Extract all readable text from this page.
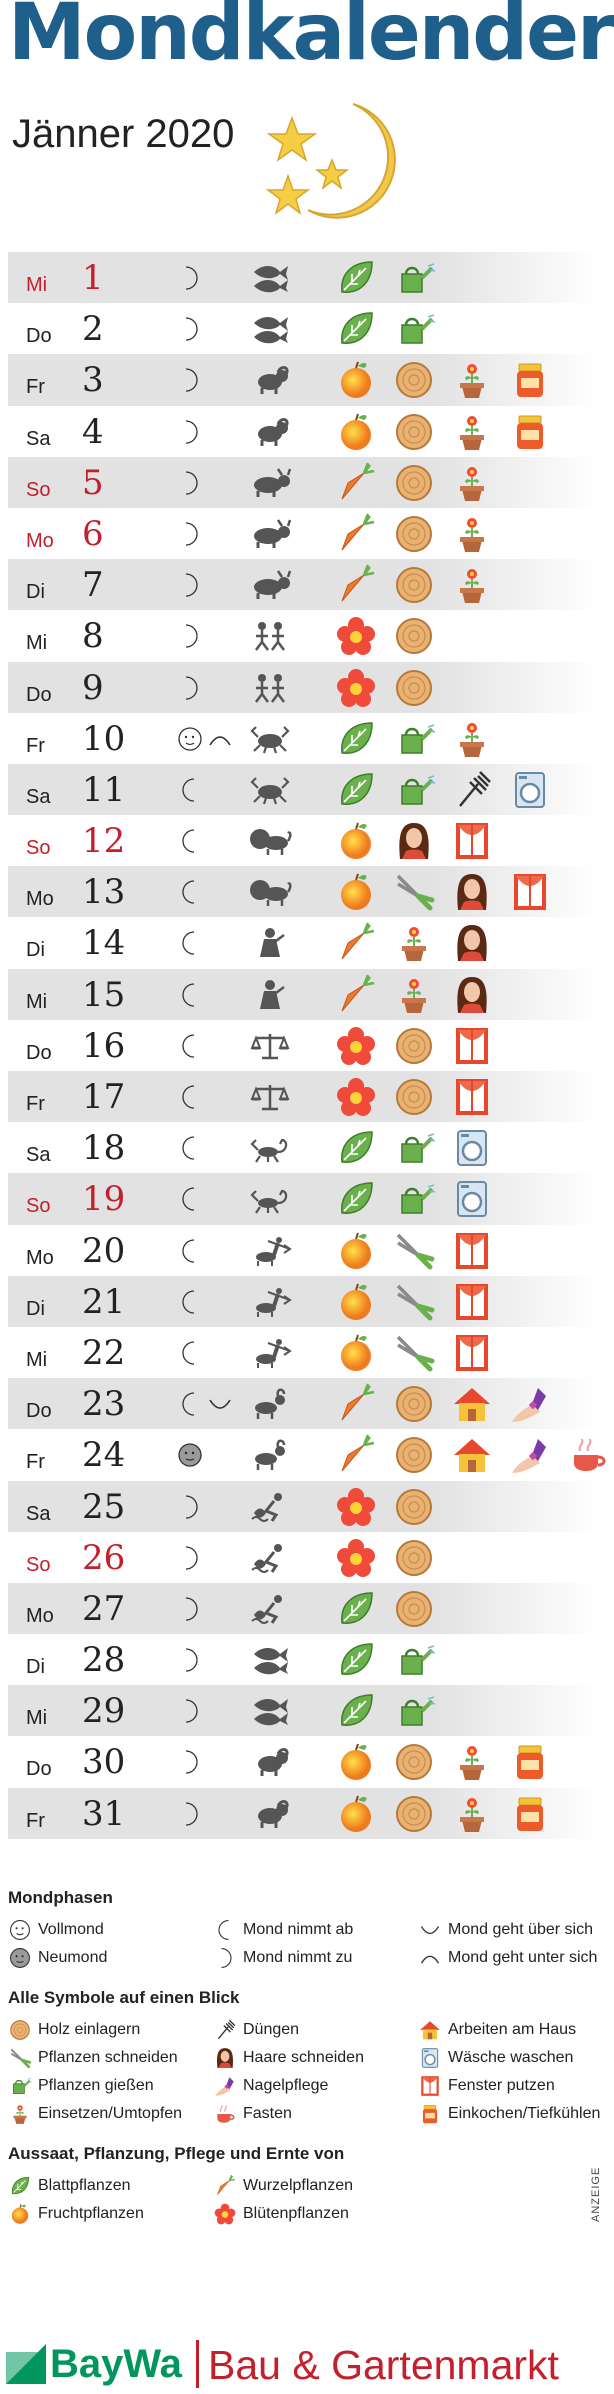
Mondkalender
Jänner 2020
Mi 1
Do 2
Fr 3
Sa 4
So 5
Mo 6
Di 7
Mi 8
Do 9
Fr 10
Sa 11
So 12
Mo 13
Di 14
Mi 15
Do 16
Fr 17
Sa 18
So 19
Mo 20
Di 21
Mi 22
Do 23
Fr 24
Sa 25
So 26
Mo 27
Di 28
Mi 29
Do 30
Fr 31
Mondphasen
Vollmond	Mond nimmt ab	Mond geht über sich
Neumond	Mond nimmt zu	Mond geht unter sich
Alle Symbole auf einen Blick
Holz einlagern	Düngen	Arbeiten am Haus
Pflanzen schneiden	Haare schneiden	Wäsche waschen
Pflanzen gießen	Nagelpflege	Fenster putzen
Einsetzen/Umtopfen	Fasten	Einkochen/Tiefkühlen
Aussaat, Pflanzung, Pflege und Ernte von
Blattpflanzen	Wurzelpflanzen
Fruchtpflanzen	Blütenpflanzen	ANZEIGE
BayWa Bau & Gartenmarkt
